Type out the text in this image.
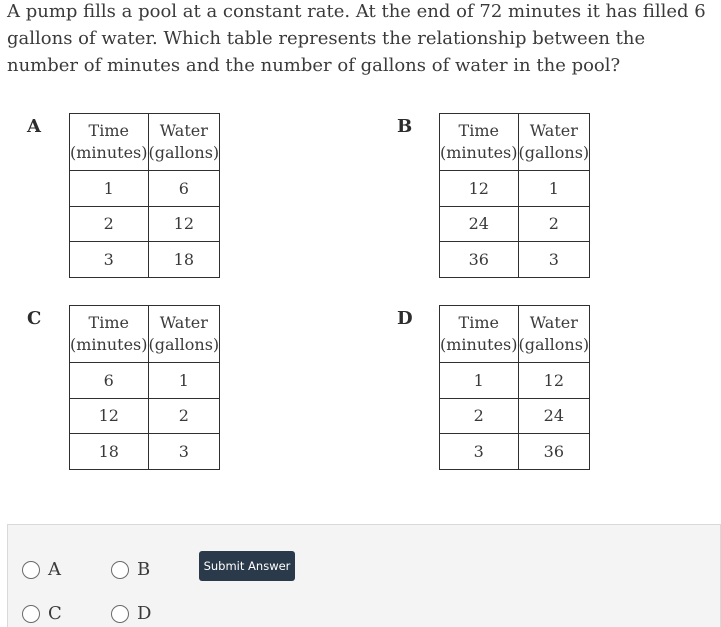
A pump fills a pool at a constant rate. At the end of 72 minutes it has filled 6 gallons of water. Which table represents the relationship between the number of minutes and the number of gallons of water in the pool?
A	Time (minutes)	Water (gallons)
1	6
2	12
3	18
B	Time (minutes)	Water (gallons)
12	1
24	2
36	3
C	Time (minutes)	Water (gallons)
6	1
12	2
18	3
D	Time (minutes)	Water (gallons)
1	12
2	24
3	36
A	B
C	D
Submit Answer
